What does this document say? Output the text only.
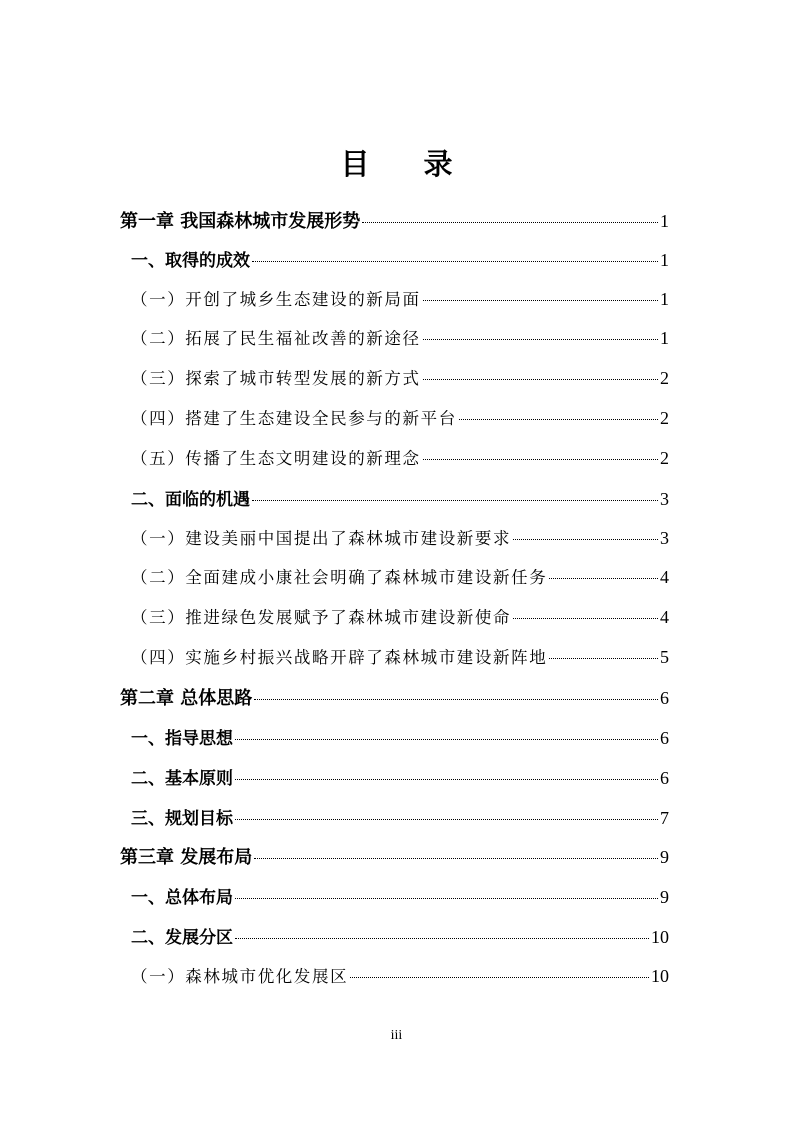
目 录
第一章 我国森林城市发展形势	1
一、取得的成效	1
（一）开创了城乡生态建设的新局面	1
（二）拓展了民生福祉改善的新途径	1
（三）探索了城市转型发展的新方式	2
（四）搭建了生态建设全民参与的新平台	2
（五）传播了生态文明建设的新理念	2
二、面临的机遇	3
（一）建设美丽中国提出了森林城市建设新要求	3
（二）全面建成小康社会明确了森林城市建设新任务	4
（三）推进绿色发展赋予了森林城市建设新使命	4
（四）实施乡村振兴战略开辟了森林城市建设新阵地	5
第二章 总体思路	6
一、指导思想	6
二、基本原则	6
三、规划目标	7
第三章 发展布局	9
一、总体布局	9
二、发展分区	10
（一）森林城市优化发展区	10
iii
